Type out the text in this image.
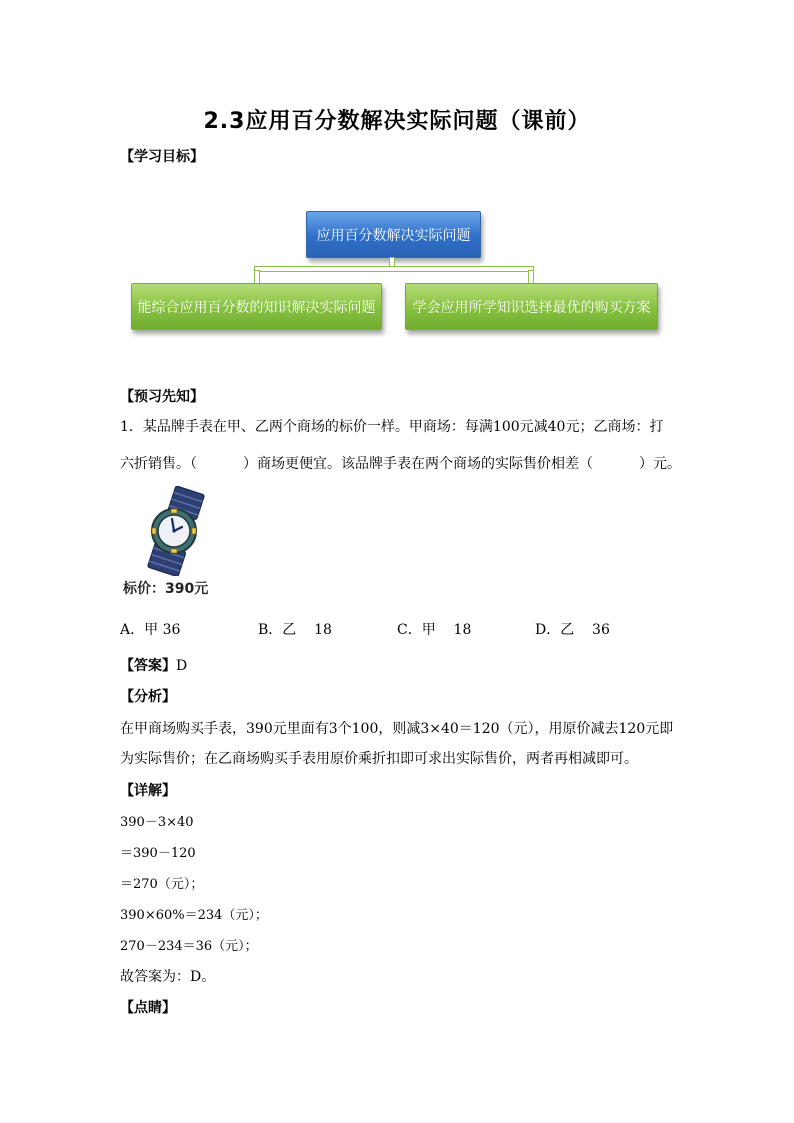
2.3应用百分数解决实际问题（课前）
【学习目标】
应用百分数解决实际问题
能综合应用百分数的知识解决实际问题	学会应用所学知识选择最优的购买方案
【预习先知】
1．某品牌手表在甲、乙两个商场的标价一样。甲商场：每满100元减40元；乙商场：打
六折销售。（	）商场更便宜。该品牌手表在两个商场的实际售价相差（	）元。
标价：390元
A．甲 36	B．乙 18	C．甲 18	D．乙 36
【答案】D
【分析】
在甲商场购买手表，390元里面有3个100，则减3×40＝120（元），用原价减去120元即
为实际售价；在乙商场购买手表用原价乘折扣即可求出实际售价，两者再相减即可。
【详解】
390－3×40
＝390－120
＝270（元）；
390×60%＝234（元）；
270－234＝36（元）；
故答案为：D。
【点睛】
